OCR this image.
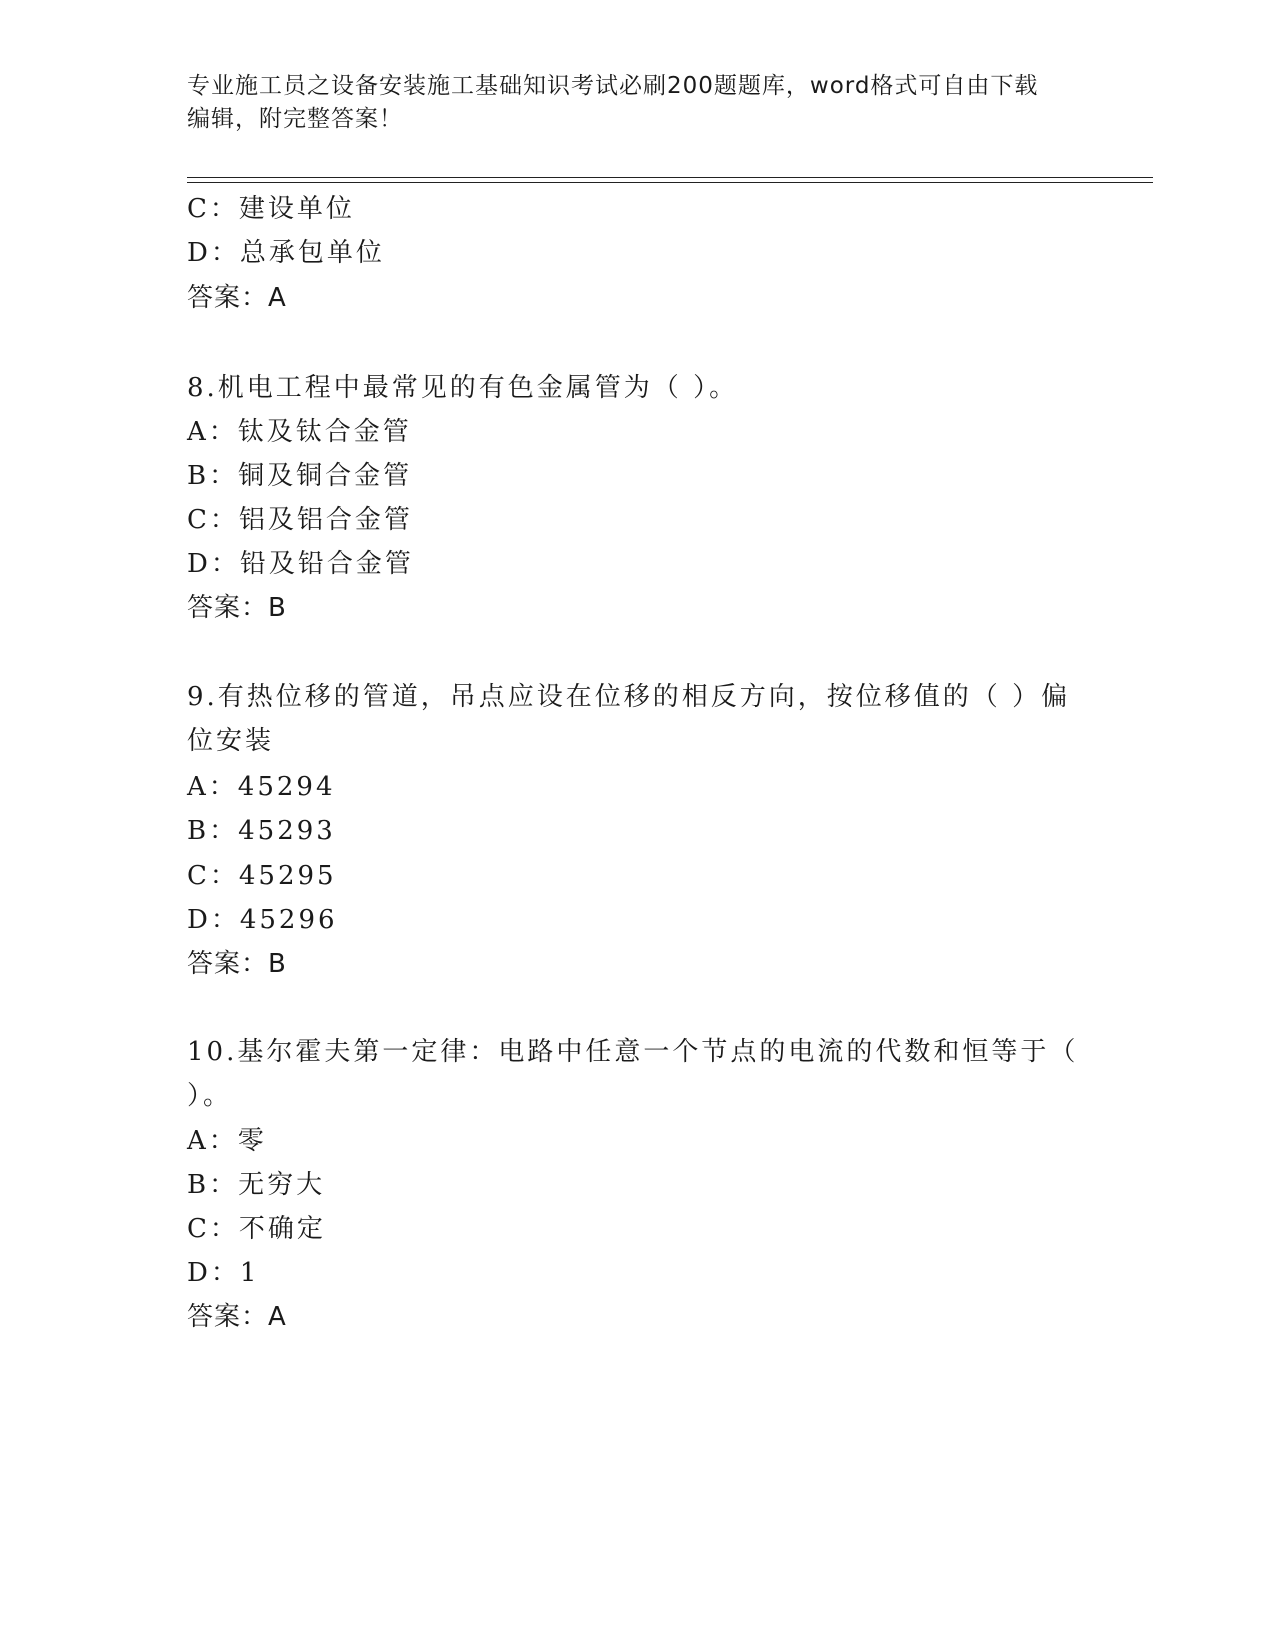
专业施工员之设备安装施工基础知识考试必刷200题题库，word格式可自由下载
编辑，附完整答案！
C：建设单位
D：总承包单位
答案：A
8.机电工程中最常见的有色金属管为（ ）。
A：钛及钛合金管
B：铜及铜合金管
C：铝及铝合金管
D：铅及铅合金管
答案：B
9.有热位移的管道，吊点应设在位移的相反方向，按位移值的（ ）偏
位安装
A：45294
B：45293
C：45295
D：45296
答案：B
10.基尔霍夫第一定律：电路中任意一个节点的电流的代数和恒等于（
）。
A：零
B：无穷大
C：不确定
D：1
答案：A
